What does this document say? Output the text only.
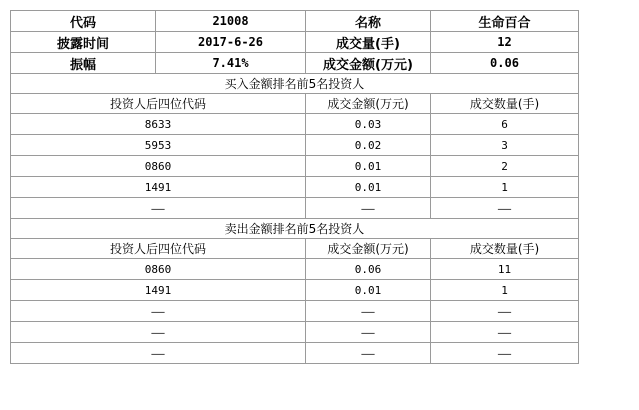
代码	21008	名称	生命百合
披露时间	2017-6-26	成交量(手)	12
振幅	7.41%	成交金额(万元)	0.06
买入金额排名前5名投资人			
投资人后四位代码		成交金额(万元)	成交数量(手)
8633		0.03	6
5953		0.02	3
0860		0.01	2
1491		0.01	1
——		——	——
卖出金额排名前5名投资人			
投资人后四位代码		成交金额(万元)	成交数量(手)
0860		0.06	11
1491		0.01	1
——		——	——
——		——	——
——		——	——
